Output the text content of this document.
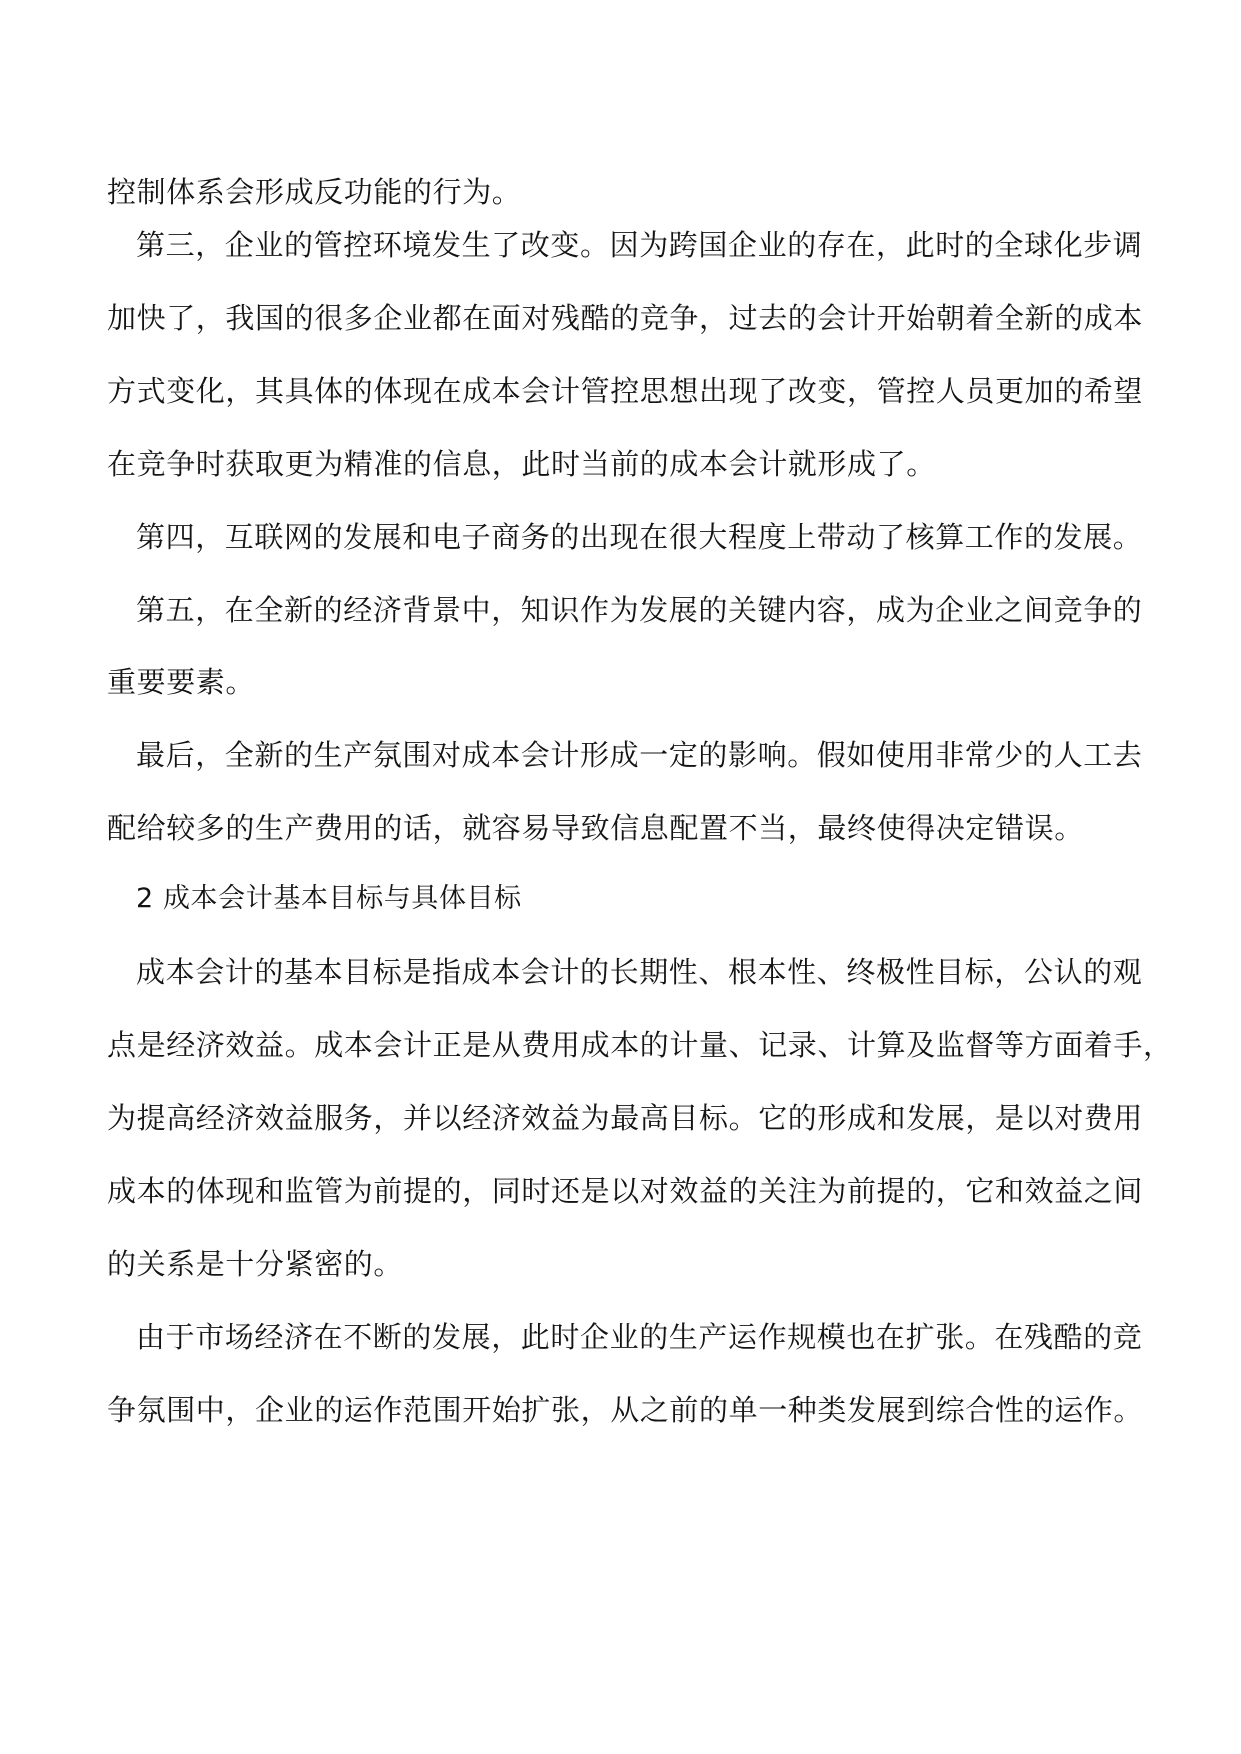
控制体系会形成反功能的行为。
第三，企业的管控环境发生了改变。因为跨国企业的存在，此时的全球化步调
加快了，我国的很多企业都在面对残酷的竞争，过去的会计开始朝着全新的成本
方式变化，其具体的体现在成本会计管控思想出现了改变，管控人员更加的希望
在竞争时获取更为精准的信息，此时当前的成本会计就形成了。
第四，互联网的发展和电子商务的出现在很大程度上带动了核算工作的发展。
第五，在全新的经济背景中，知识作为发展的关键内容，成为企业之间竞争的
重要要素。
最后，全新的生产氛围对成本会计形成一定的影响。假如使用非常少的人工去
配给较多的生产费用的话，就容易导致信息配置不当，最终使得决定错误。
2 成本会计基本目标与具体目标
成本会计的基本目标是指成本会计的长期性、根本性、终极性目标，公认的观
点是经济效益。成本会计正是从费用成本的计量、记录、计算及监督等方面着手，
为提高经济效益服务，并以经济效益为最高目标。它的形成和发展，是以对费用
成本的体现和监管为前提的，同时还是以对效益的关注为前提的，它和效益之间
的关系是十分紧密的。
由于市场经济在不断的发展，此时企业的生产运作规模也在扩张。在残酷的竞
争氛围中，企业的运作范围开始扩张，从之前的单一种类发展到综合性的运作。
